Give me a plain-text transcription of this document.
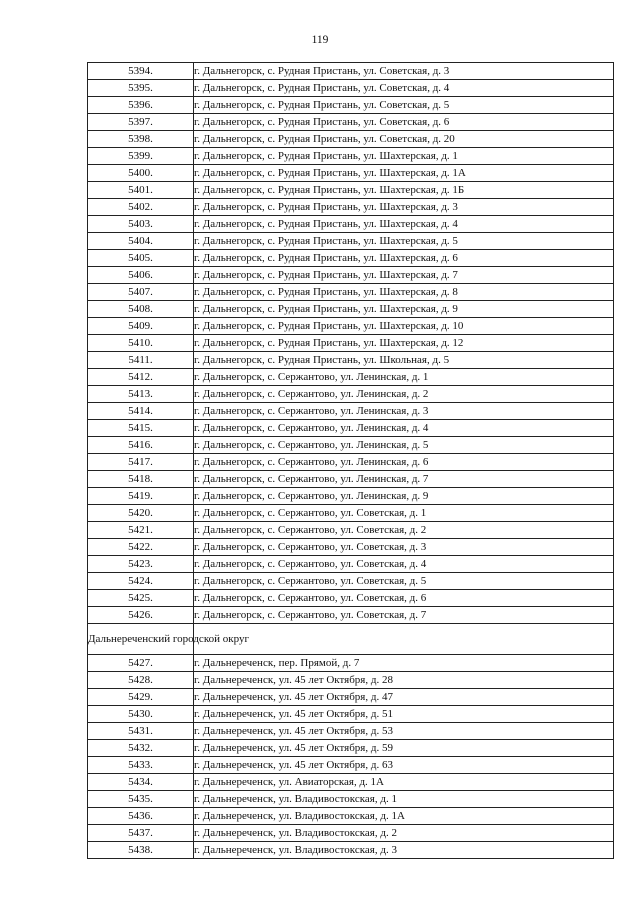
119
5394.	г. Дальнегорск, с. Рудная Пристань, ул. Советская, д. 3
5395.	г. Дальнегорск, с. Рудная Пристань, ул. Советская, д. 4
5396.	г. Дальнегорск, с. Рудная Пристань, ул. Советская, д. 5
5397.	г. Дальнегорск, с. Рудная Пристань, ул. Советская, д. 6
5398.	г. Дальнегорск, с. Рудная Пристань, ул. Советская, д. 20
5399.	г. Дальнегорск, с. Рудная Пристань, ул. Шахтерская, д. 1
5400.	г. Дальнегорск, с. Рудная Пристань, ул. Шахтерская, д. 1А
5401.	г. Дальнегорск, с. Рудная Пристань, ул. Шахтерская, д. 1Б
5402.	г. Дальнегорск, с. Рудная Пристань, ул. Шахтерская, д. 3
5403.	г. Дальнегорск, с. Рудная Пристань, ул. Шахтерская, д. 4
5404.	г. Дальнегорск, с. Рудная Пристань, ул. Шахтерская, д. 5
5405.	г. Дальнегорск, с. Рудная Пристань, ул. Шахтерская, д. 6
5406.	г. Дальнегорск, с. Рудная Пристань, ул. Шахтерская, д. 7
5407.	г. Дальнегорск, с. Рудная Пристань, ул. Шахтерская, д. 8
5408.	г. Дальнегорск, с. Рудная Пристань, ул. Шахтерская, д. 9
5409.	г. Дальнегорск, с. Рудная Пристань, ул. Шахтерская, д. 10
5410.	г. Дальнегорск, с. Рудная Пристань, ул. Шахтерская, д. 12
5411.	г. Дальнегорск, с. Рудная Пристань, ул. Школьная, д. 5
5412.	г. Дальнегорск, с. Сержантово, ул. Ленинская, д. 1
5413.	г. Дальнегорск, с. Сержантово, ул. Ленинская, д. 2
5414.	г. Дальнегорск, с. Сержантово, ул. Ленинская, д. 3
5415.	г. Дальнегорск, с. Сержантово, ул. Ленинская, д. 4
5416.	г. Дальнегорск, с. Сержантово, ул. Ленинская, д. 5
5417.	г. Дальнегорск, с. Сержантово, ул. Ленинская, д. 6
5418.	г. Дальнегорск, с. Сержантово, ул. Ленинская, д. 7
5419.	г. Дальнегорск, с. Сержантово, ул. Ленинская, д. 9
5420.	г. Дальнегорск, с. Сержантово, ул. Советская, д. 1
5421.	г. Дальнегорск, с. Сержантово, ул. Советская, д. 2
5422.	г. Дальнегорск, с. Сержантово, ул. Советская, д. 3
5423.	г. Дальнегорск, с. Сержантово, ул. Советская, д. 4
5424.	г. Дальнегорск, с. Сержантово, ул. Советская, д. 5
5425.	г. Дальнегорск, с. Сержантово, ул. Советская, д. 6
5426.	г. Дальнегорск, с. Сержантово, ул. Советская, д. 7
Дальнереченский городской округ	
5427.	г. Дальнереченск, пер. Прямой, д. 7
5428.	г. Дальнереченск, ул. 45 лет Октября, д. 28
5429.	г. Дальнереченск, ул. 45 лет Октября, д. 47
5430.	г. Дальнереченск, ул. 45 лет Октября, д. 51
5431.	г. Дальнереченск, ул. 45 лет Октября, д. 53
5432.	г. Дальнереченск, ул. 45 лет Октября, д. 59
5433.	г. Дальнереченск, ул. 45 лет Октября, д. 63
5434.	г. Дальнереченск, ул. Авиаторская, д. 1А
5435.	г. Дальнереченск, ул. Владивостокская, д. 1
5436.	г. Дальнереченск, ул. Владивостокская, д. 1А
5437.	г. Дальнереченск, ул. Владивостокская, д. 2
5438.	г. Дальнереченск, ул. Владивостокская, д. 3
